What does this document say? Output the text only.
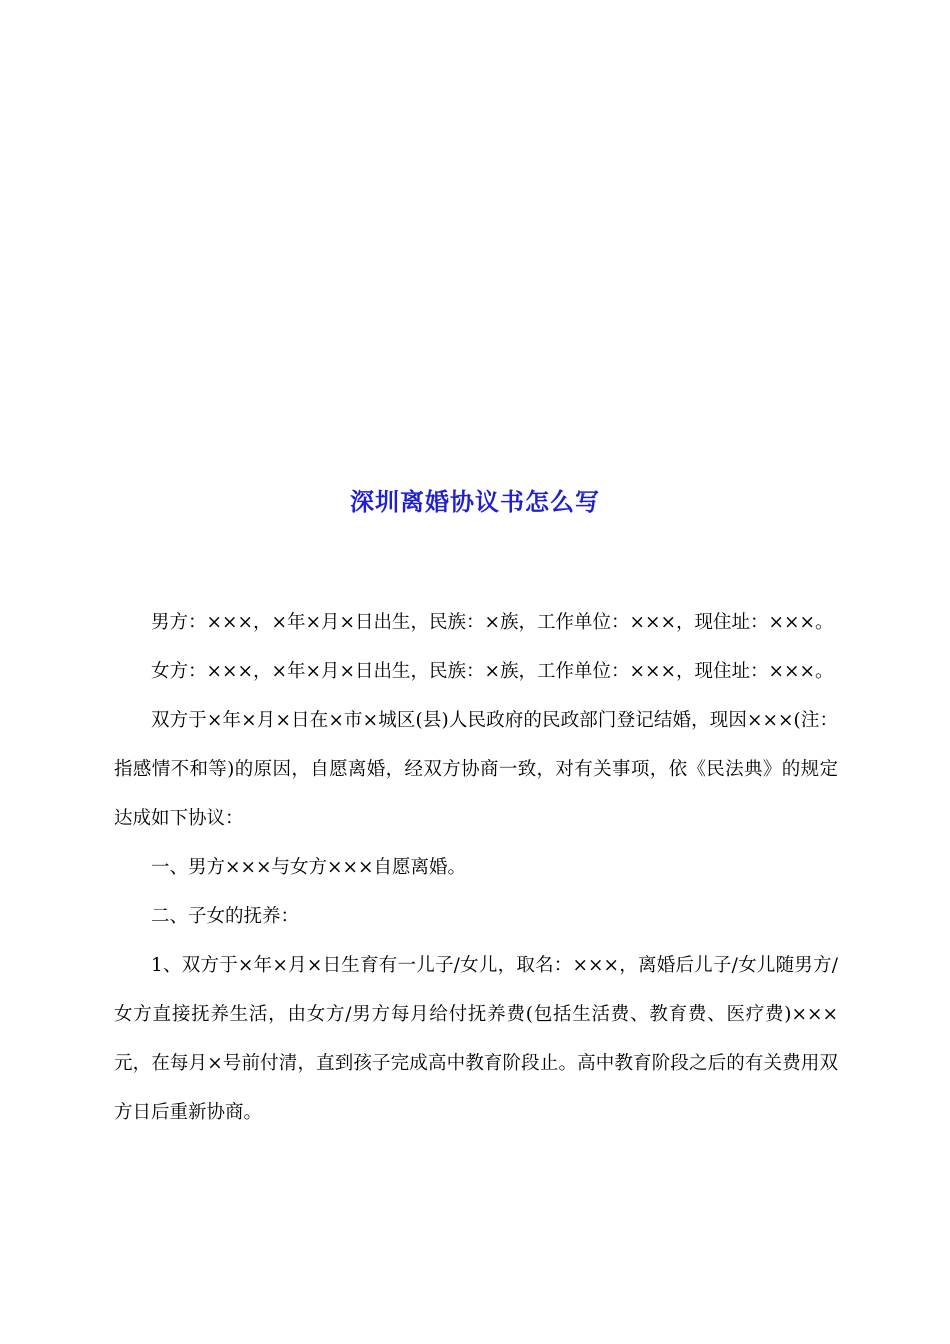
深圳离婚协议书怎么写

男方：×××，×年×月×日出生，民族：×族，工作单位：×××，现住址：×××。

女方：×××，×年×月×日出生，民族：×族，工作单位：×××，现住址：×××。

双方于×年×月×日在×市×城区(县)人民政府的民政部门登记结婚，现因×××(注：指感情不和等)的原因，自愿离婚，经双方协商一致，对有关事项，依《民法典》的规定达成如下协议：

一、男方×××与女方×××自愿离婚。

二、子女的抚养：

1、双方于×年×月×日生育有一儿子/女儿，取名：×××，离婚后儿子/女儿随男方/女方直接抚养生活，由女方/男方每月给付抚养费(包括生活费、教育费、医疗费)×××元，在每月×号前付清，直到孩子完成高中教育阶段止。高中教育阶段之后的有关费用双方日后重新协商。
